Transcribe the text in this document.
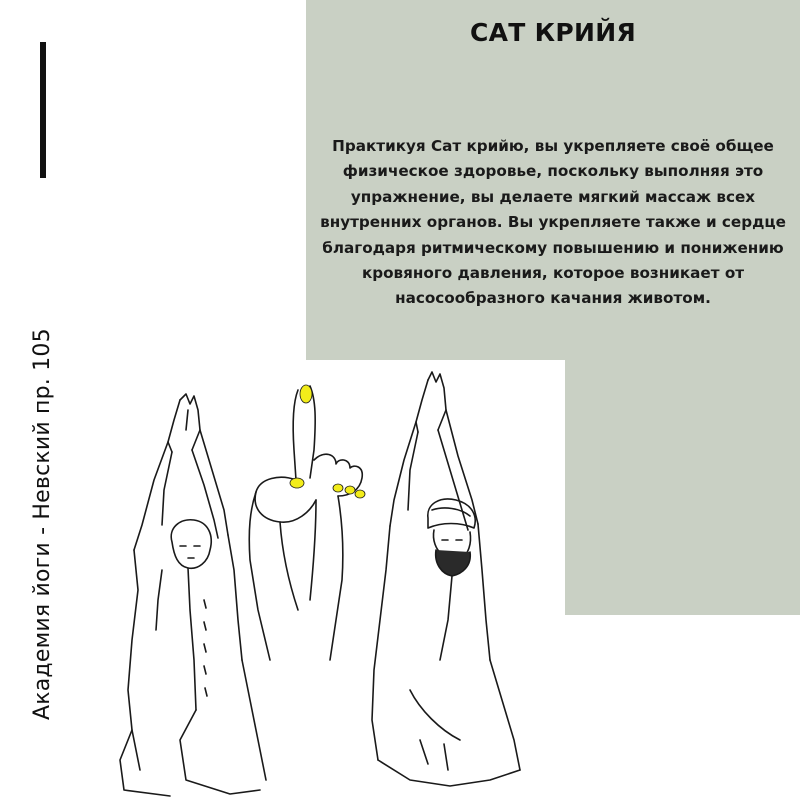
САТ КРИЙЯ
Практикуя Сат крийю, вы укрепляете своё общее физическое здоровье, поскольку выполняя это упражнение, вы делаете мягкий массаж всех внутренних органов. Вы укрепляете также и сердце благодаря ритмическому повышению и понижению кровяного давления, которое возникает от насосообразного качания животом.
Академия йоги - Невский пр. 105
